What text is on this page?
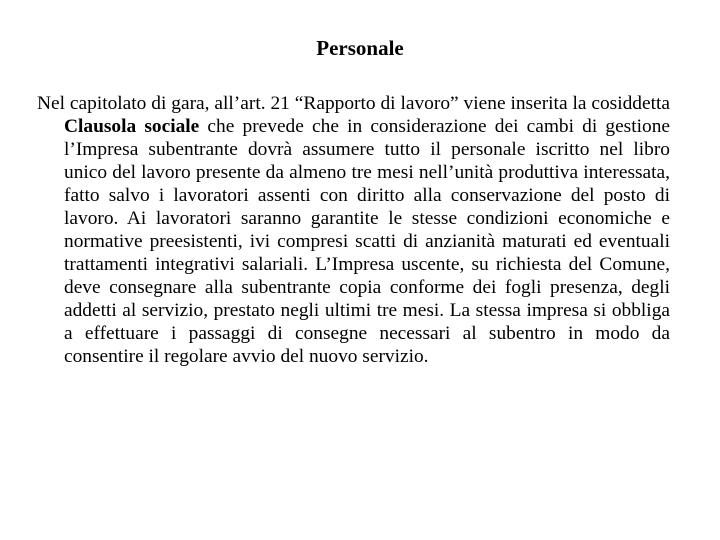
Personale

Nel capitolato di gara, all’art. 21 “Rapporto di lavoro” viene inserita la cosiddetta Clausola sociale che prevede che in considerazione dei cambi di gestione l’Impresa subentrante dovrà assumere tutto il personale iscritto nel libro unico del lavoro presente da almeno tre mesi nell’unità produttiva interessata, fatto salvo i lavoratori assenti con diritto alla conservazione del posto di lavoro. Ai lavoratori saranno garantite le stesse condizioni economiche e normative preesistenti, ivi compresi scatti di anzianità maturati ed eventuali trattamenti integrativi salariali. L’Impresa uscente, su richiesta del Comune, deve consegnare alla subentrante copia conforme dei fogli presenza, degli addetti al servizio, prestato negli ultimi tre mesi. La stessa impresa si obbliga a effettuare i passaggi di consegne necessari al subentro in modo da consentire il regolare avvio del nuovo servizio.
